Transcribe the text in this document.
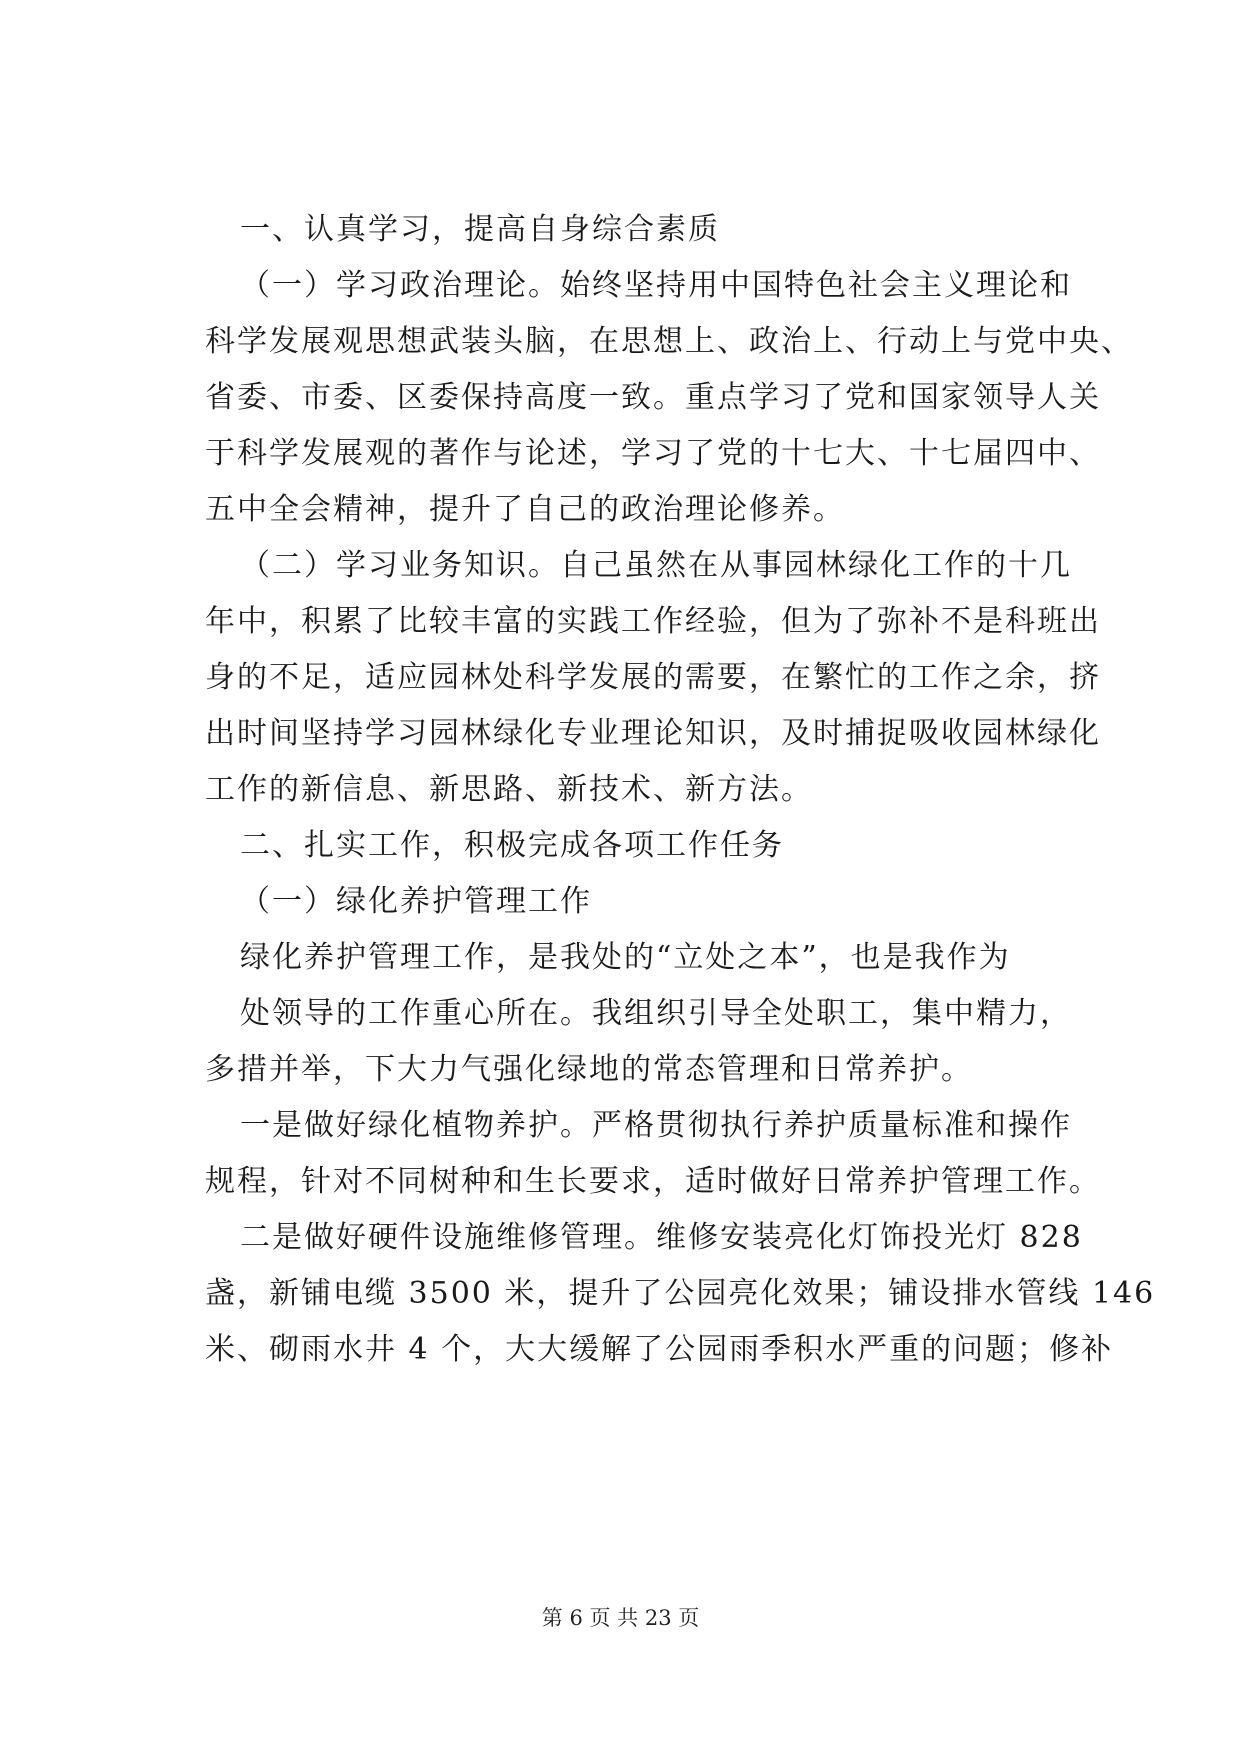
一、认真学习，提高自身综合素质
（一）学习政治理论。始终坚持用中国特色社会主义理论和
科学发展观思想武装头脑，在思想上、政治上、行动上与党中央、
省委、市委、区委保持高度一致。重点学习了党和国家领导人关
于科学发展观的著作与论述，学习了党的十七大、十七届四中、
五中全会精神，提升了自己的政治理论修养。
（二）学习业务知识。自己虽然在从事园林绿化工作的十几
年中，积累了比较丰富的实践工作经验，但为了弥补不是科班出
身的不足，适应园林处科学发展的需要，在繁忙的工作之余，挤
出时间坚持学习园林绿化专业理论知识，及时捕捉吸收园林绿化
工作的新信息、新思路、新技术、新方法。
二、扎实工作，积极完成各项工作任务
（一）绿化养护管理工作
绿化养护管理工作，是我处的“立处之本”，也是我作为
处领导的工作重心所在。我组织引导全处职工，集中精力，
多措并举，下大力气强化绿地的常态管理和日常养护。
一是做好绿化植物养护。严格贯彻执行养护质量标准和操作
规程，针对不同树种和生长要求，适时做好日常养护管理工作。
二是做好硬件设施维修管理。维修安装亮化灯饰投光灯 828
盏，新铺电缆 3500 米，提升了公园亮化效果；铺设排水管线 146
米、砌雨水井 4 个，大大缓解了公园雨季积水严重的问题；修补
第 6 页 共 23 页
